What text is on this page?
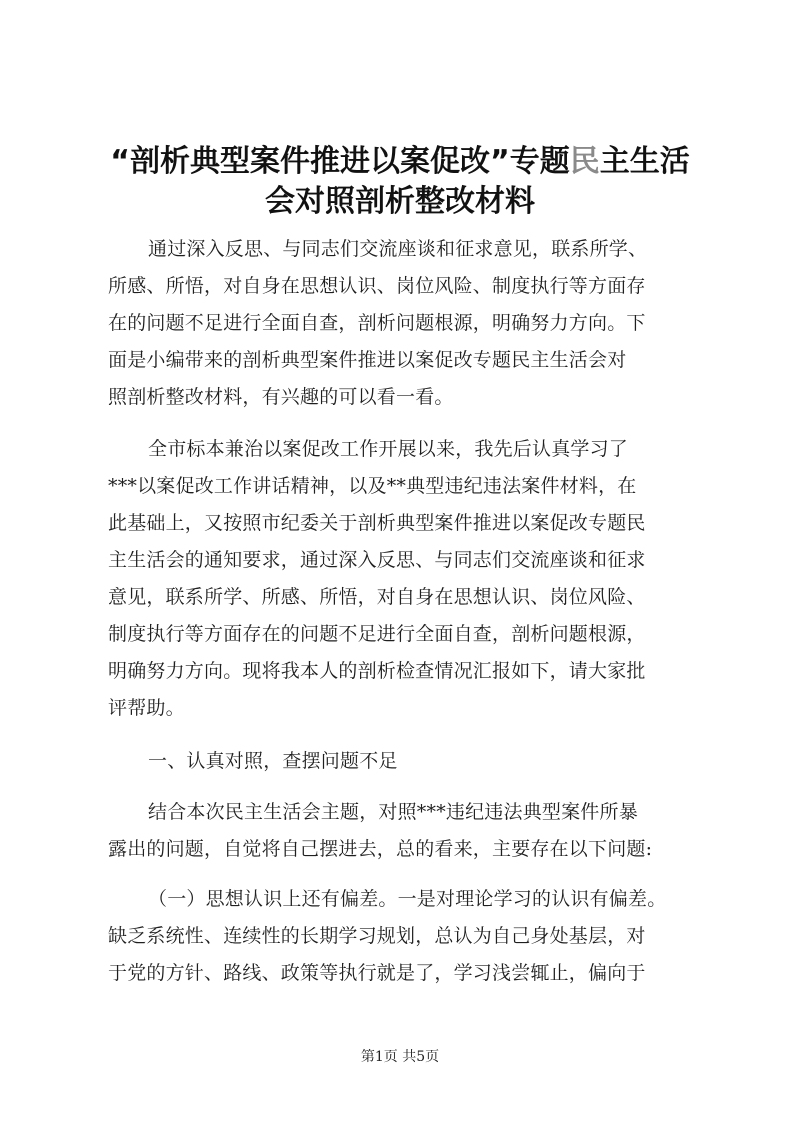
“剖析典型案件推进以案促改”专题民主生活
会对照剖析整改材料
通过深入反思、与同志们交流座谈和征求意见，联系所学、
所感、所悟，对自身在思想认识、岗位风险、制度执行等方面存
在的问题不足进行全面自查，剖析问题根源，明确努力方向。下
面是小编带来的剖析典型案件推进以案促改专题民主生活会对
照剖析整改材料，有兴趣的可以看一看。
全市标本兼治以案促改工作开展以来，我先后认真学习了
***以案促改工作讲话精神，以及**典型违纪违法案件材料，在
此基础上，又按照市纪委关于剖析典型案件推进以案促改专题民
主生活会的通知要求，通过深入反思、与同志们交流座谈和征求
意见，联系所学、所感、所悟，对自身在思想认识、岗位风险、
制度执行等方面存在的问题不足进行全面自查，剖析问题根源，
明确努力方向。现将我本人的剖析检查情况汇报如下，请大家批
评帮助。
一、认真对照，查摆问题不足
结合本次民主生活会主题，对照***违纪违法典型案件所暴
露出的问题，自觉将自己摆进去，总的看来，主要存在以下问题:
（一）思想认识上还有偏差。一是对理论学习的认识有偏差。
缺乏系统性、连续性的长期学习规划，总认为自己身处基层，对
于党的方针、路线、政策等执行就是了，学习浅尝辄止，偏向于
第1页 共5页
